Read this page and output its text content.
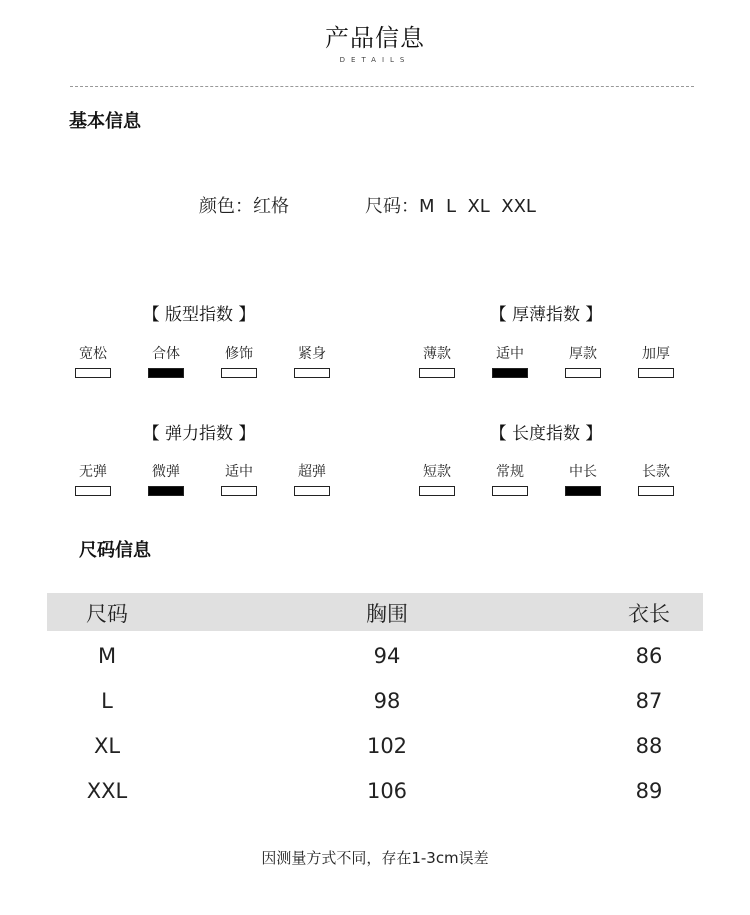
产品信息
DETAILS
基本信息
颜色：红格	尺码：M  L  XL  XXL
【 版型指数 】
宽松	合体	修饰	紧身
【 厚薄指数 】
薄款	适中	厚款	加厚
【 弹力指数 】
无弹	微弹	适中	超弹
【 长度指数 】
短款	常规	中长	长款
尺码信息
尺码	胸围	衣长
M	94	86
L	98	87
XL	102	88
XXL	106	89
因测量方式不同，存在1-3cm误差
